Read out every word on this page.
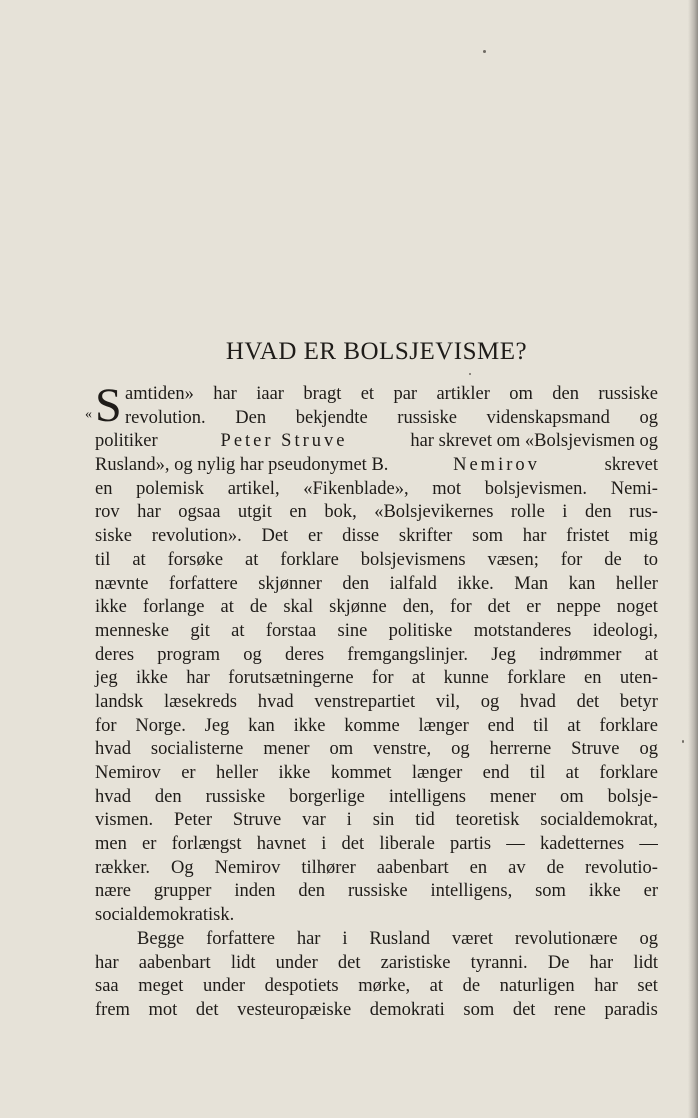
HVAD ER BOLSJEVISME?
« S amtiden» har iaar bragt et par artikler om den russiske
revolution. Den bekjendte russiske videnskapsmand og
politiker	Peter Struve	har skrevet om «Bolsjevismen og
Rusland», og nylig har pseudonymet B.	Nemirov	skrevet
en polemisk artikel, «Fikenblade», mot bolsjevismen. Nemi-
rov har ogsaa utgit en bok, «Bolsjevikernes rolle i den rus-
siske revolution». Det er disse skrifter som har fristet mig
til at forsøke at forklare bolsjevismens væsen; for de to
nævnte forfattere skjønner den ialfald ikke. Man kan heller
ikke forlange at de skal skjønne den, for det er neppe noget
menneske git at forstaa sine politiske motstanderes ideologi,
deres program og deres fremgangslinjer. Jeg indrømmer at
jeg ikke har forutsætningerne for at kunne forklare en uten-
landsk læsekreds hvad venstrepartiet vil, og hvad det betyr
for Norge. Jeg kan ikke komme længer end til at forklare
hvad socialisterne mener om venstre, og herrerne Struve og
Nemirov er heller ikke kommet længer end til at forklare
hvad den russiske borgerlige intelligens mener om bolsje-
vismen. Peter Struve var i sin tid teoretisk socialdemokrat,
men er forlængst havnet i det liberale partis — kadetternes —
rækker. Og Nemirov tilhører aabenbart en av de revolutio-
nære grupper inden den russiske intelligens, som ikke er
socialdemokratisk.
Begge forfattere har i Rusland været revolutionære og
har aabenbart lidt under det zaristiske tyranni. De har lidt
saa meget under despotiets mørke, at de naturligen har set
frem mot det vesteuropæiske demokrati som det rene paradis
